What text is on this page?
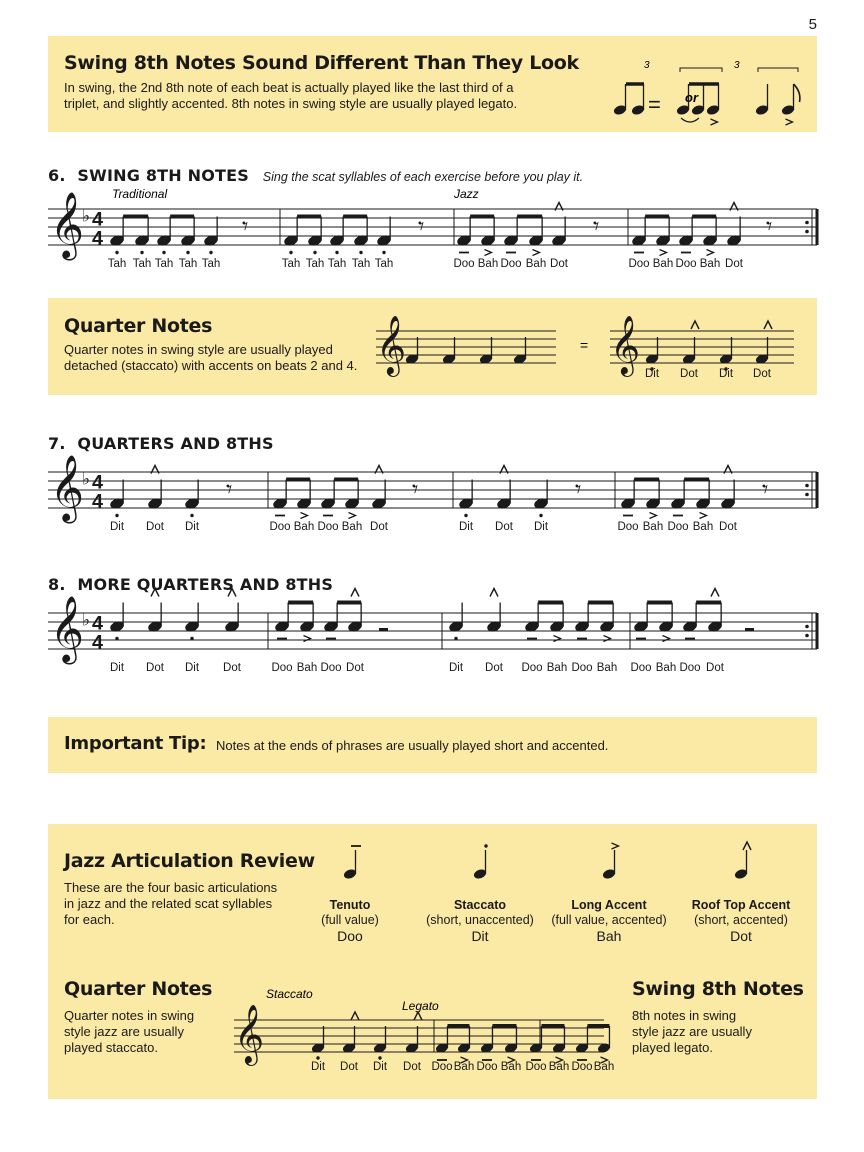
5
Swing 8th Notes Sound Different Than They Look
In swing, the 2nd 8th note of each beat is actually played like the last third of a
triplet, and slightly accented. 8th notes in swing style are usually played legato.
3	3
or
=
6. SWING 8TH NOTES Sing the scat syllables of each exercise before you play it.
Traditional	Jazz
𝄞
♭ 4
4	𝄾	𝄾	𝄾	𝄾
Tah Tah Tah Tah Tah	Tah Tah Tah Tah Tah	Doo Bah Doo Bah Dot	Doo Bah Doo Bah Dot
Quarter Notes
Quarter notes in swing style are usually played
detached (staccato) with accents on beats 2 and 4.
=
𝄞	𝄞
Dit Dot Dit Dot
7. QUARTERS AND 8THS
𝄞
♭ 4
4	𝄾	𝄾	𝄾	𝄾
Dit Dot Dit	Doo Bah Doo Bah Dot	Dit Dot Dit	Doo Bah Doo Bah Dot
8. MORE QUARTERS AND 8THS
𝄞
♭ 4
4
Dit Dot Dit Dot	Doo Bah Doo Dot	Dit Dot Doo Bah Doo Bah Doo Bah Doo Dot
Important Tip: Notes at the ends of phrases are usually played short and accented.
Jazz Articulation Review
These are the four basic articulations
in jazz and the related scat syllables
for each.
Tenuto
(full value)
Doo
Staccato
(short, unaccented)
Dit
Long Accent
(full value, accented)
Bah
Roof Top Accent
(short, accented)
Dot
Quarter Notes
Quarter notes in swing
style jazz are usually
played staccato.
Swing 8th Notes
8th notes in swing
style jazz are usually
played legato.
Staccato
Legato
𝄞
Dit Dot Dit Dot Doo Bah Doo Bah Doo Bah Doo Bah
